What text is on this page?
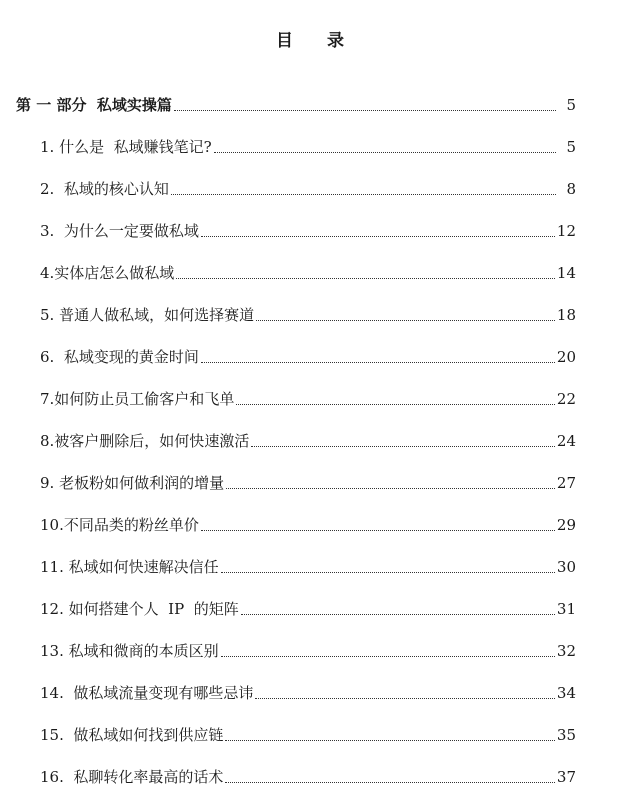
目 录
第 一 部分  私域实操篇	5
1. 什么是  私域赚钱笔记?	5
2.  私域的核心认知	8
3.  为什么一定要做私域	12
4.实体店怎么做私域	14
5. 普通人做私域，如何选择赛道	18
6.  私域变现的黄金时间	20
7.如何防止员工偷客户和飞单	22
8.被客户删除后，如何快速激活	24
9. 老板粉如何做利润的增量	27
10.不同品类的粉丝单价	29
11. 私域如何快速解决信任	30
12. 如何搭建个人  IP  的矩阵	31
13. 私域和微商的本质区别	32
14.  做私域流量变现有哪些忌讳	34
15.  做私域如何找到供应链	35
16.  私聊转化率最高的话术	37
